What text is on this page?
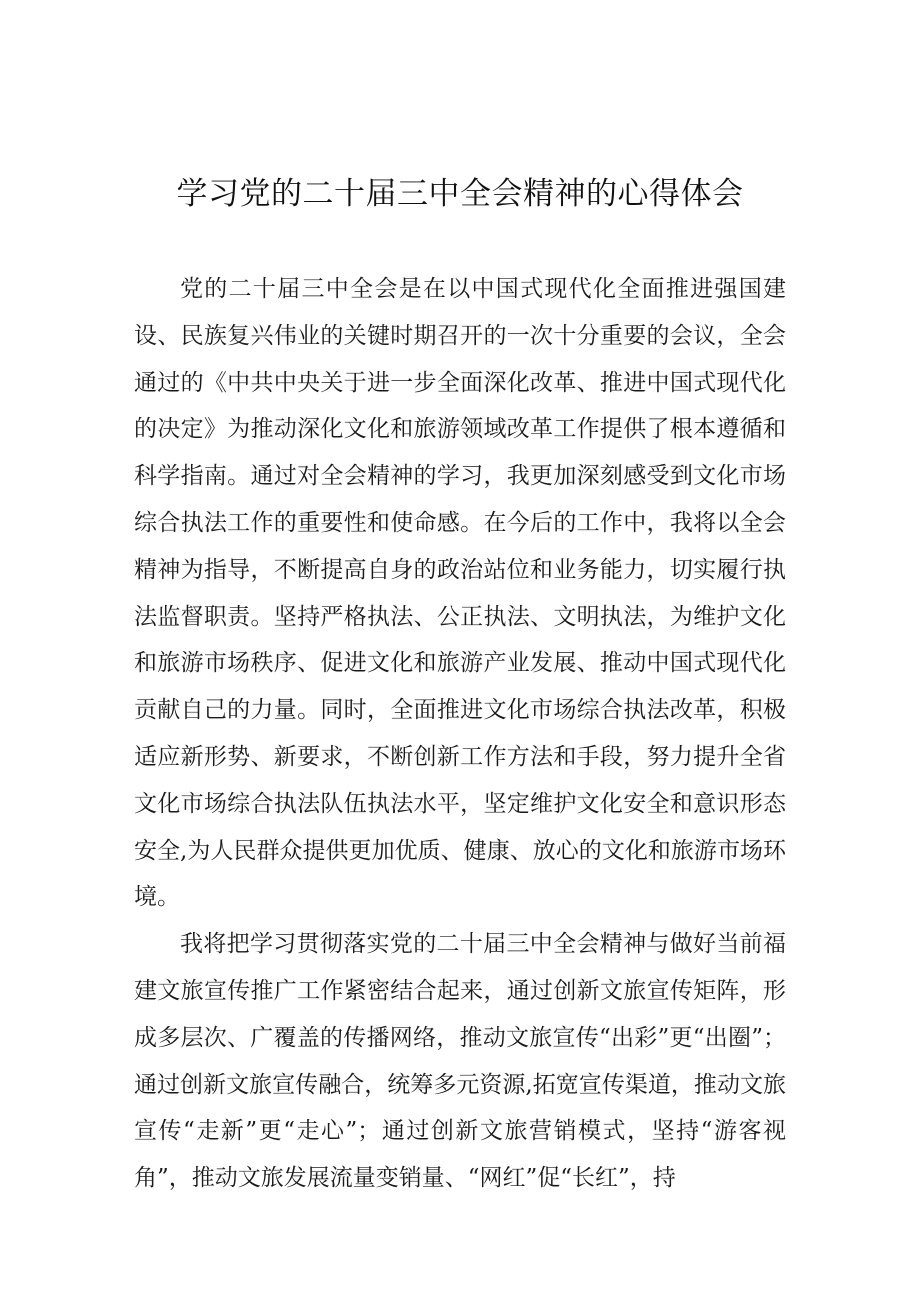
学习党的二十届三中全会精神的心得体会

党的二十届三中全会是在以中国式现代化全面推进强国建设、民族复兴伟业的关键时期召开的一次十分重要的会议，全会通过的《中共中央关于进一步全面深化改革、推进中国式现代化的决定》为推动深化文化和旅游领域改革工作提供了根本遵循和科学指南。通过对全会精神的学习，我更加深刻感受到文化市场综合执法工作的重要性和使命感。在今后的工作中，我将以全会精神为指导，不断提高自身的政治站位和业务能力，切实履行执法监督职责。坚持严格执法、公正执法、文明执法，为维护文化和旅游市场秩序、促进文化和旅游产业发展、推动中国式现代化贡献自己的力量。同时，全面推进文化市场综合执法改革，积极适应新形势、新要求，不断创新工作方法和手段，努力提升全省文化市场综合执法队伍执法水平，坚定维护文化安全和意识形态安全,为人民群众提供更加优质、健康、放心的文化和旅游市场环境。

我将把学习贯彻落实党的二十届三中全会精神与做好当前福建文旅宣传推广工作紧密结合起来，通过创新文旅宣传矩阵，形成多层次、广覆盖的传播网络，推动文旅宣传“出彩”更“出圈”；通过创新文旅宣传融合，统筹多元资源,拓宽宣传渠道，推动文旅宣传“走新”更“走心”；通过创新文旅营销模式，坚持“游客视角”，推动文旅发展流量变销量、“网红”促“长红”，持
